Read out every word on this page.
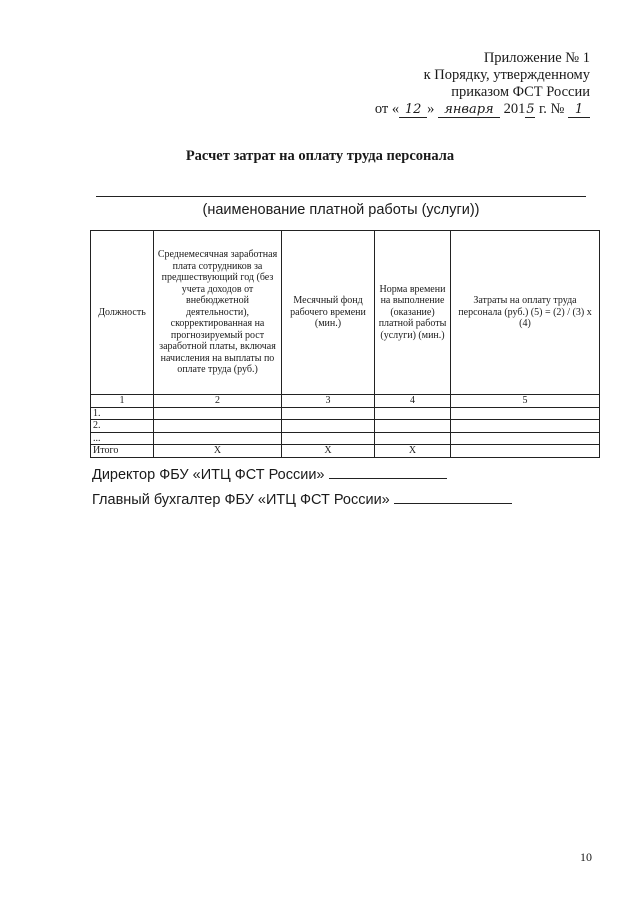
Приложение № 1
к Порядку, утвержденному
приказом ФСТ России
от « 12 » января 2015 г. № 1
Расчет затрат на оплату труда персонала
(наименование платной работы (услуги))
Должность	Среднемесячная заработная плата сотрудников за предшествующий год (без учета доходов от внебюджетной деятельности), скорректированная на прогнозируемый рост заработной платы, включая начисления на выплаты по оплате труда (руб.)	Месячный фонд рабочего времени (мин.)	Норма времени на выполнение (оказание) платной работы (услуги) (мин.)	Затраты на оплату труда персонала (руб.) (5) = (2) / (3) х (4)
1	2	3	4	5
1.				
2.				
...				
Итого	Х	Х	Х	
Директор ФБУ «ИТЦ ФСТ России»
Главный бухгалтер ФБУ «ИТЦ ФСТ России»
10
